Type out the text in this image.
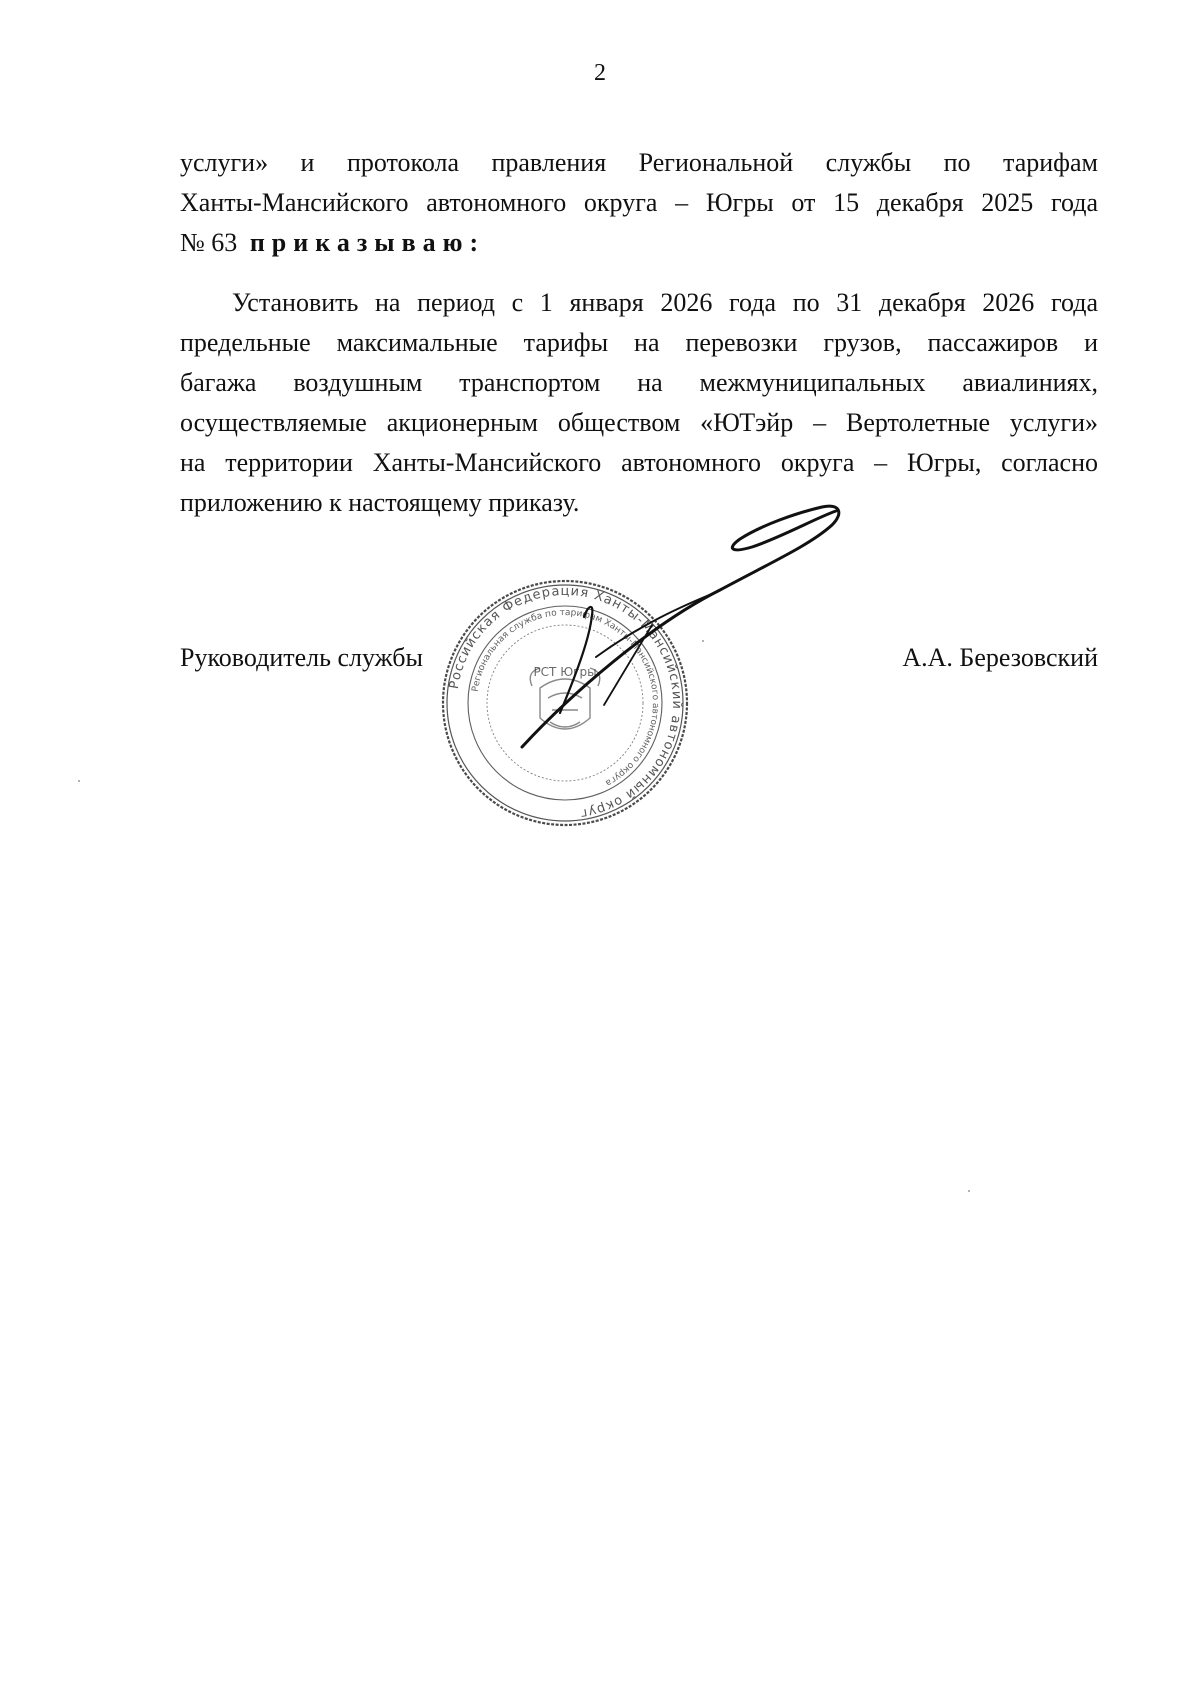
2
услуги» и протокола правления Региональной службы по тарифам
Ханты-Мансийского автономного округа – Югры от 15 декабря 2025 года
№ 63 приказываю:
Установить на период с 1 января 2026 года по 31 декабря 2026 года
предельные максимальные тарифы на перевозки грузов, пассажиров и
багажа воздушным транспортом на межмуниципальных авиалиниях,
осуществляемые акционерным обществом «ЮТэйр – Вертолетные услуги»
на территории Ханты-Мансийского автономного округа – Югры, согласно
приложению к настоящему приказу.
Российская Федерация Ханты-Мансийский автономный округ
Региональная служба по тарифам Ханты-Мансийского автономного округа
РСТ Югры
Руководитель службы	А.А. Березовский
